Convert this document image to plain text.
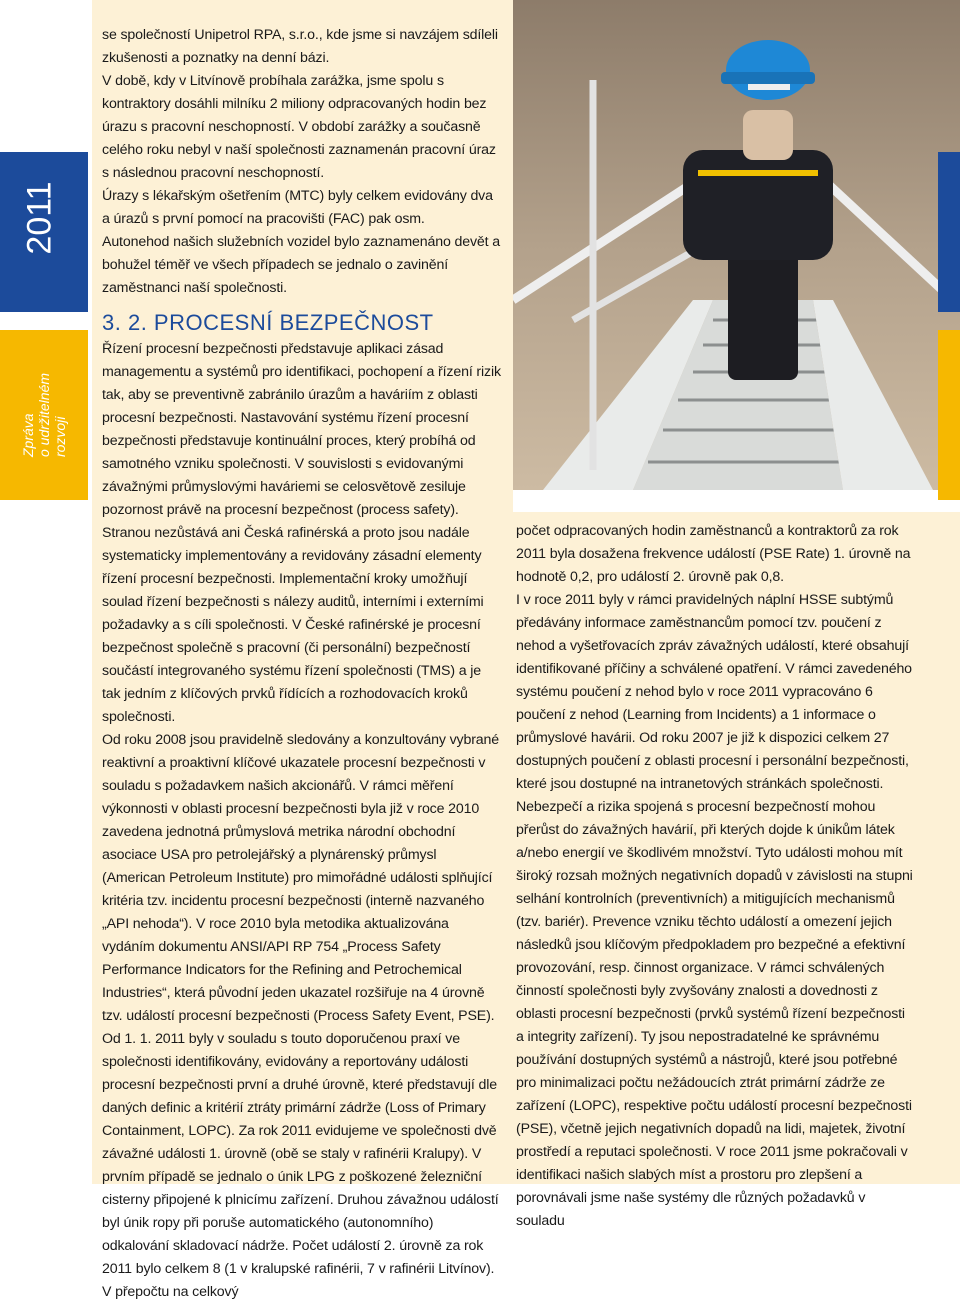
2011
6
Zpráva o udržitelném rozvoji

se společností Unipetrol RPA, s.r.o., kde jsme si navzájem sdíleli zkušenosti a poznatky na denní bázi.

V době, kdy v Litvínově probíhala zarážka, jsme spolu s kontraktory dosáhli milníku 2 miliony odpracovaných hodin bez úrazu s pracovní neschopností. V období zarážky a současně celého roku nebyl v naší společnosti zaznamenán pracovní úraz s následnou pracovní neschopností.

Úrazy s lékařským ošetřením (MTC) byly celkem evidovány dva a úrazů s první pomocí na pracovišti (FAC) pak osm.

Autonehod našich služebních vozidel bylo zaznamenáno devět a bohužel téměř ve všech případech se jednalo o zavinění zaměstnanci naší společnosti.

3. 2. PROCESNÍ BEZPEČNOST

Řízení procesní bezpečnosti představuje aplikaci zásad managementu a systémů pro identifikaci, pochopení a řízení rizik tak, aby se preventivně zabránilo úrazům a haváriím z oblasti procesní bezpečnosti. Nastavování systému řízení procesní bezpečnosti představuje kontinuální proces, který probíhá od samotného vzniku společnosti. V souvislosti s evidovanými závažnými průmyslovými haváriemi se celosvětově zesiluje pozornost právě na procesní bezpečnost (process safety). Stranou nezůstává ani Česká rafinérská a proto jsou nadále systematicky implementovány a revidovány zásadní elementy řízení procesní bezpečnosti. Implementační kroky umožňují soulad řízení bezpečnosti s nálezy auditů, interními i externími požadavky a s cíli společnosti. V České rafinérské je procesní bezpečnost společně s pracovní (či personální) bezpečností součástí integrovaného systému řízení společnosti (TMS) a je tak jedním z klíčových prvků řídících a rozhodovacích kroků společnosti.

Od roku 2008 jsou pravidelně sledovány a konzultovány vybrané reaktivní a proaktivní klíčové ukazatele procesní bezpečnosti v souladu s požadavkem našich akcionářů. V rámci měření výkonnosti v oblasti procesní bezpečnosti byla již v roce 2010 zavedena jednotná průmyslová metrika národní obchodní asociace USA pro petrolejářský a plynárenský průmysl (American Petroleum Institute) pro mimořádné události splňující kritéria tzv. incidentu procesní bezpečnosti (interně nazvaného „API nehoda“). V roce 2010 byla metodika aktualizována vydáním dokumentu ANSI/API RP 754 „Process Safety Performance Indicators for the Refining and Petrochemical Industries“, která původní jeden ukazatel rozšiřuje na 4 úrovně tzv. událostí procesní bezpečnosti (Process Safety Event, PSE). Od 1. 1. 2011 byly v souladu s touto doporučenou praxí ve společnosti identifikovány, evidovány a reportovány události procesní bezpečnosti první a druhé úrovně, které představují dle daných definic a kritérií ztráty primární zádrže (Loss of Primary Containment, LOPC). Za rok 2011 evidujeme ve společnosti dvě závažné události 1. úrovně (obě se staly v rafinérii Kralupy). V prvním případě se jednalo o únik LPG z poškozené železniční cisterny připojené k plnicímu zařízení. Druhou závažnou událostí byl únik ropy při poruše automatického (autonomního) odkalování skladovací nádrže. Počet událostí 2. úrovně za rok 2011 bylo celkem 8 (1 v kralupské rafinérii, 7 v rafinérii Litvínov). V přepočtu na celkový

počet odpracovaných hodin zaměstnanců a kontraktorů za rok 2011 byla dosažena frekvence událostí (PSE Rate) 1. úrovně na hodnotě 0,2, pro událostí 2. úrovně pak 0,8.

I v roce 2011 byly v rámci pravidelných náplní HSSE subtýmů předávány informace zaměstnancům pomocí tzv. poučení z nehod a vyšetřovacích zpráv závažných událostí, které obsahují identifikované příčiny a schválené opatření. V rámci zavedeného systému poučení z nehod bylo v roce 2011 vypracováno 6 poučení z nehod (Learning from Incidents) a 1 informace o průmyslové havárii. Od roku 2007 je již k dispozici celkem 27 dostupných poučení z oblasti procesní i personální bezpečnosti, které jsou dostupné na intranetových stránkách společnosti.

Nebezpečí a rizika spojená s procesní bezpečností mohou přerůst do závažných havárií, při kterých dojde k únikům látek a/nebo energií ve škodlivém množství. Tyto události mohou mít široký rozsah možných negativních dopadů v závislosti na stupni selhání kontrolních (preventivních) a mitigujících mechanismů (tzv. bariér). Prevence vzniku těchto událostí a omezení jejich následků jsou klíčovým předpokladem pro bezpečné a efektivní provozování, resp. činnost organizace. V rámci schválených činností společnosti byly zvyšovány znalosti a dovednosti z oblasti procesní bezpečnosti (prvků systémů řízení bezpečnosti a integrity zařízení). Ty jsou nepostradatelné ke správnému používání dostupných systémů a nástrojů, které jsou potřebné pro minimalizaci počtu nežádoucích ztrát primární zádrže ze zařízení (LOPC), respektive počtu událostí procesní bezpečnosti (PSE), včetně jejich negativních dopadů na lidi, majetek, životní prostředí a reputaci společnosti. V roce 2011 jsme pokračovali v identifikaci našich slabých míst a prostoru pro zlepšení a porovnávali jsme naše systémy dle různých požadavků v souladu
